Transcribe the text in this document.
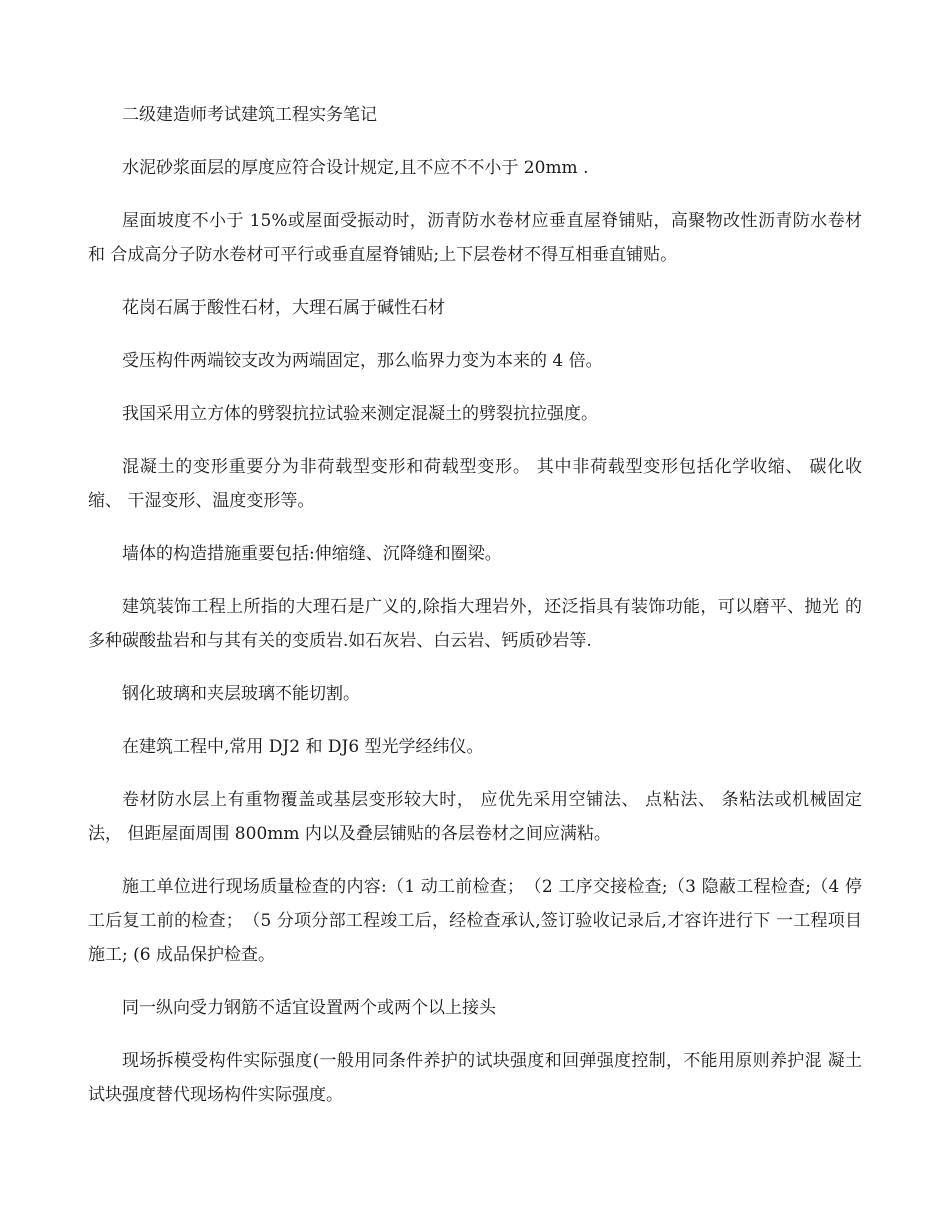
二级建造师考试建筑工程实务笔记

水泥砂浆面层的厚度应符合设计规定,且不应不不小于 20mm .

屋面坡度不小于 15%或屋面受振动时，沥青防水卷材应垂直屋脊铺贴，高聚物改性沥青防水卷材和 合成高分子防水卷材可平行或垂直屋脊铺贴;上下层卷材不得互相垂直铺贴。

花岗石属于酸性石材，大理石属于碱性石材

受压构件两端铰支改为两端固定，那么临界力变为本来的 4 倍。

我国采用立方体的劈裂抗拉试验来测定混凝土的劈裂抗拉强度。

混凝土的变形重要分为非荷载型变形和荷载型变形。 其中非荷载型变形包括化学收缩、 碳化收缩、 干湿变形、温度变形等。

墙体的构造措施重要包括:伸缩缝、沉降缝和圈梁。

建筑装饰工程上所指的大理石是广义的,除指大理岩外，还泛指具有装饰功能，可以磨平、抛光 的多种碳酸盐岩和与其有关的变质岩.如石灰岩、白云岩、钙质砂岩等.

钢化玻璃和夹层玻璃不能切割。

在建筑工程中,常用 DJ2 和 DJ6 型光学经纬仪。

卷材防水层上有重物覆盖或基层变形较大时， 应优先采用空铺法、 点粘法、 条粘法或机械固定法， 但距屋面周围 800mm 内以及叠层铺贴的各层卷材之间应满粘。

施工单位进行现场质量检查的内容:（1 动工前检查；　（2 工序交接检查;（3 隐蔽工程检查;（4 停工后复工前的检查；　（5 分项分部工程竣工后，经检查承认,签订验收记录后,才容许进行下 一工程项目施工; (6 成品保护检查。

同一纵向受力钢筋不适宜设置两个或两个以上接头

现场拆模受构件实际强度(一般用同条件养护的试块强度和回弹强度控制，不能用原则养护混 凝土试块强度替代现场构件实际强度。
